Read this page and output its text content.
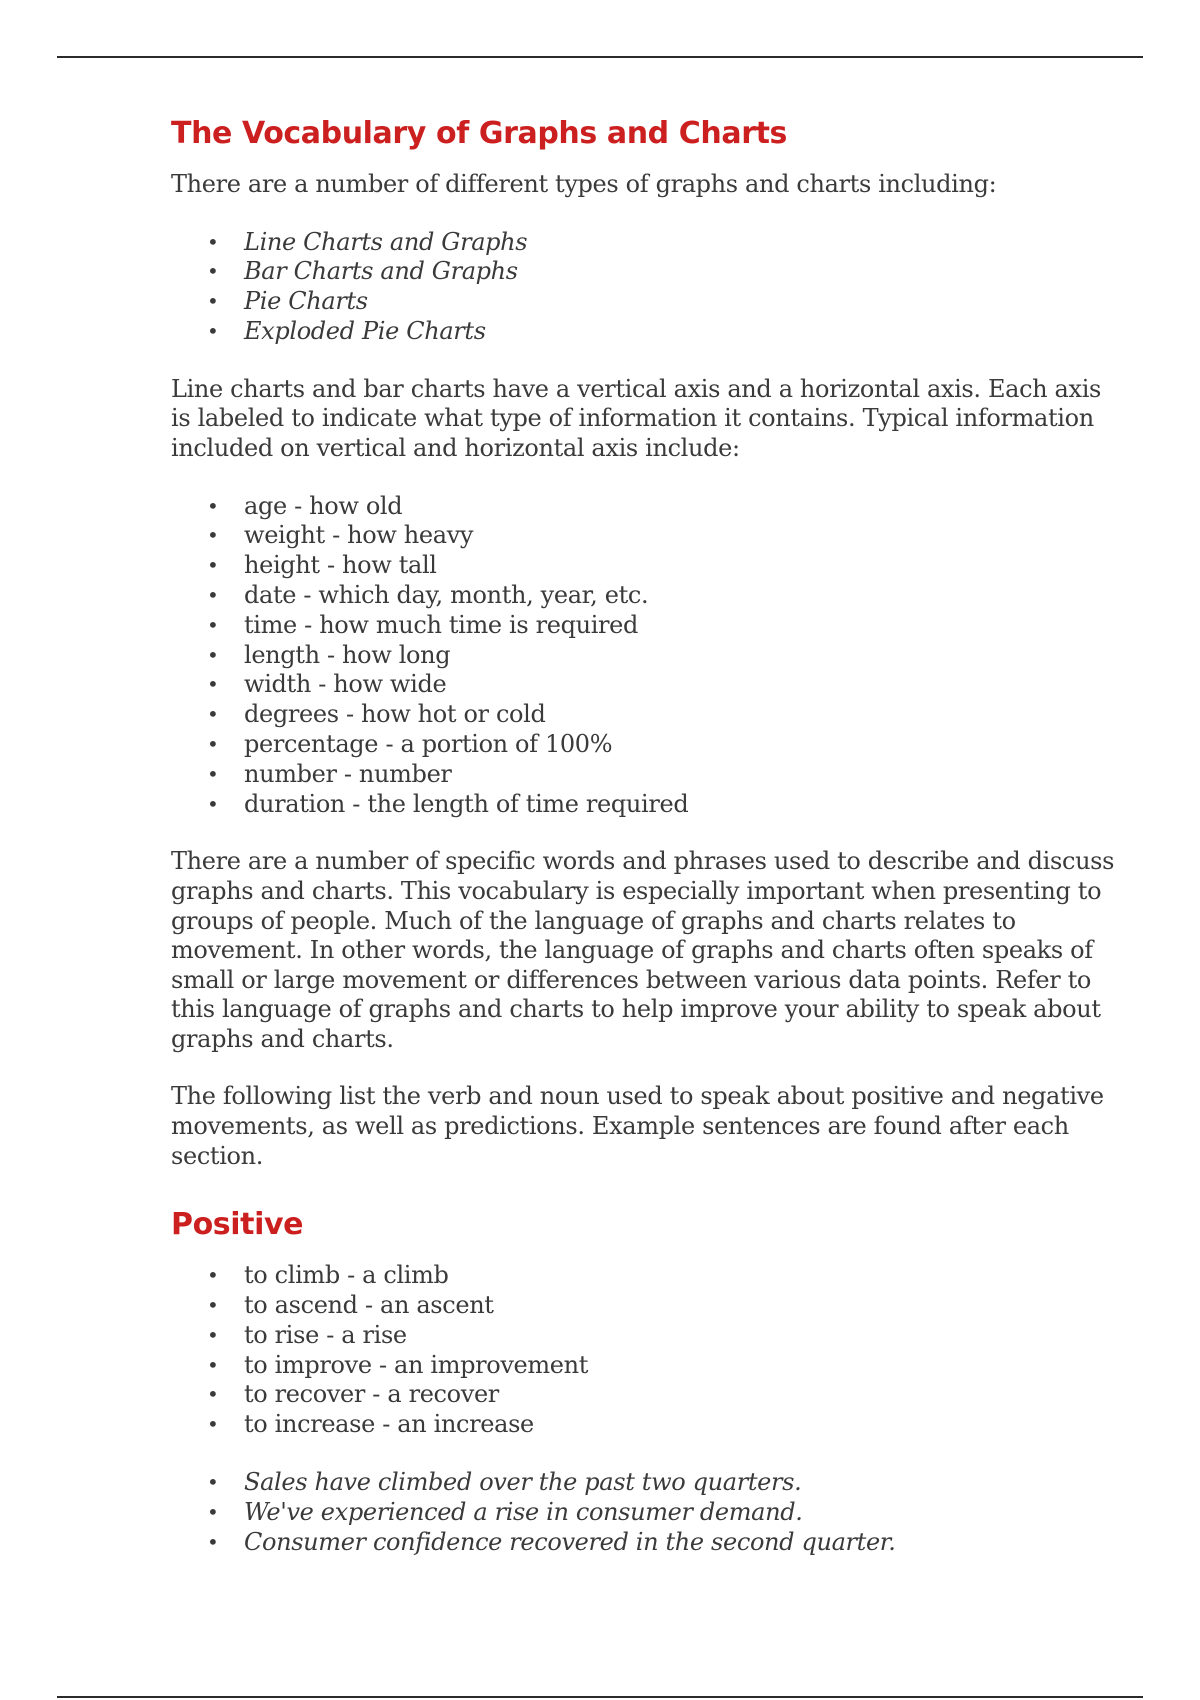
The Vocabulary of Graphs and Charts

There are a number of different types of graphs and charts including:

• Line Charts and Graphs
• Bar Charts and Graphs
• Pie Charts
• Exploded Pie Charts

Line charts and bar charts have a vertical axis and a horizontal axis. Each axis is labeled to indicate what type of information it contains. Typical information included on vertical and horizontal axis include:

• age - how old
• weight - how heavy
• height - how tall
• date - which day, month, year, etc.
• time - how much time is required
• length - how long
• width - how wide
• degrees - how hot or cold
• percentage - a portion of 100%
• number - number
• duration - the length of time required

There are a number of specific words and phrases used to describe and discuss graphs and charts. This vocabulary is especially important when presenting to groups of people. Much of the language of graphs and charts relates to movement. In other words, the language of graphs and charts often speaks of small or large movement or differences between various data points. Refer to this language of graphs and charts to help improve your ability to speak about graphs and charts.

The following list the verb and noun used to speak about positive and negative movements, as well as predictions. Example sentences are found after each section.

Positive
• to climb - a climb
• to ascend - an ascent
• to rise - a rise
• to improve - an improvement
• to recover - a recover
• to increase - an increase
• Sales have climbed over the past two quarters.
• We've experienced a rise in consumer demand.
• Consumer confidence recovered in the second quarter.
